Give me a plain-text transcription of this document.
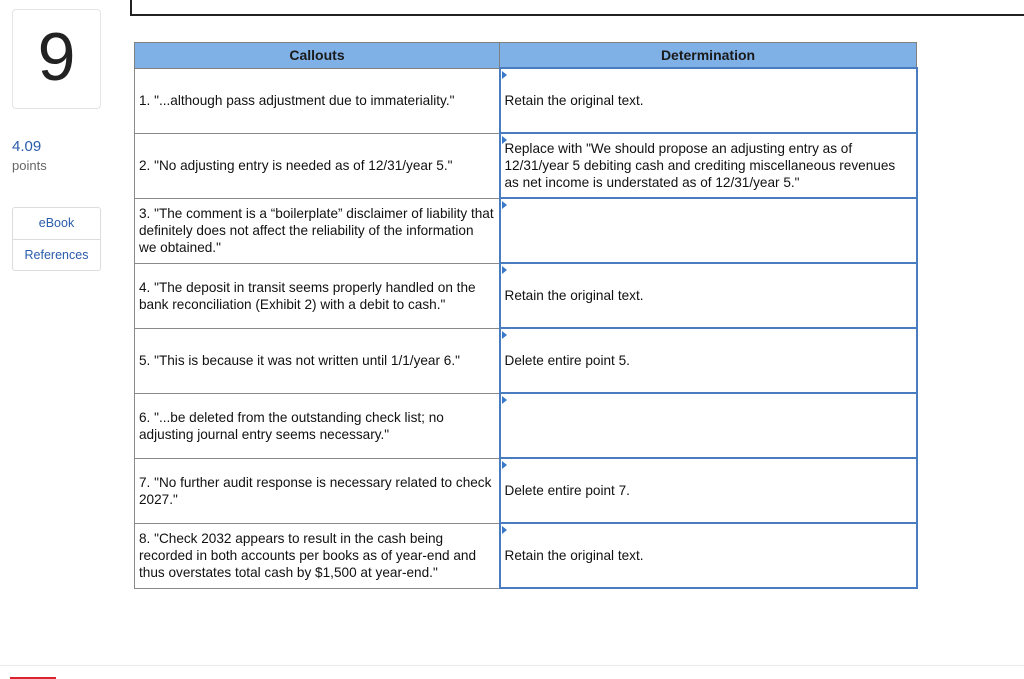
9
4.09
points
eBook
References
Callouts	Determination
1. "...although pass adjustment due to immateriality."	Retain the original text.
2. "No adjusting entry is needed as of 12/31/year 5."	Replace with "We should propose an adjusting entry as of 12/31/year 5 debiting cash and crediting miscellaneous revenues as net income is understated as of 12/31/year 5."
3. "The comment is a “boilerplate” disclaimer of liability that definitely does not affect the reliability of the information we obtained."	

4. "The deposit in transit seems properly handled on the bank reconciliation (Exhibit 2) with a debit to cash."	Retain the original text.
5. "This is because it was not written until 1/1/year 6."	Delete entire point 5.
6. "...be deleted from the outstanding check list; no adjusting journal entry seems necessary."	

7. "No further audit response is necessary related to check 2027."	Delete entire point 7.
8. "Check 2032 appears to result in the cash being recorded in both accounts per books as of year-end and thus overstates total cash by $1,500 at year-end."	Retain the original text.
